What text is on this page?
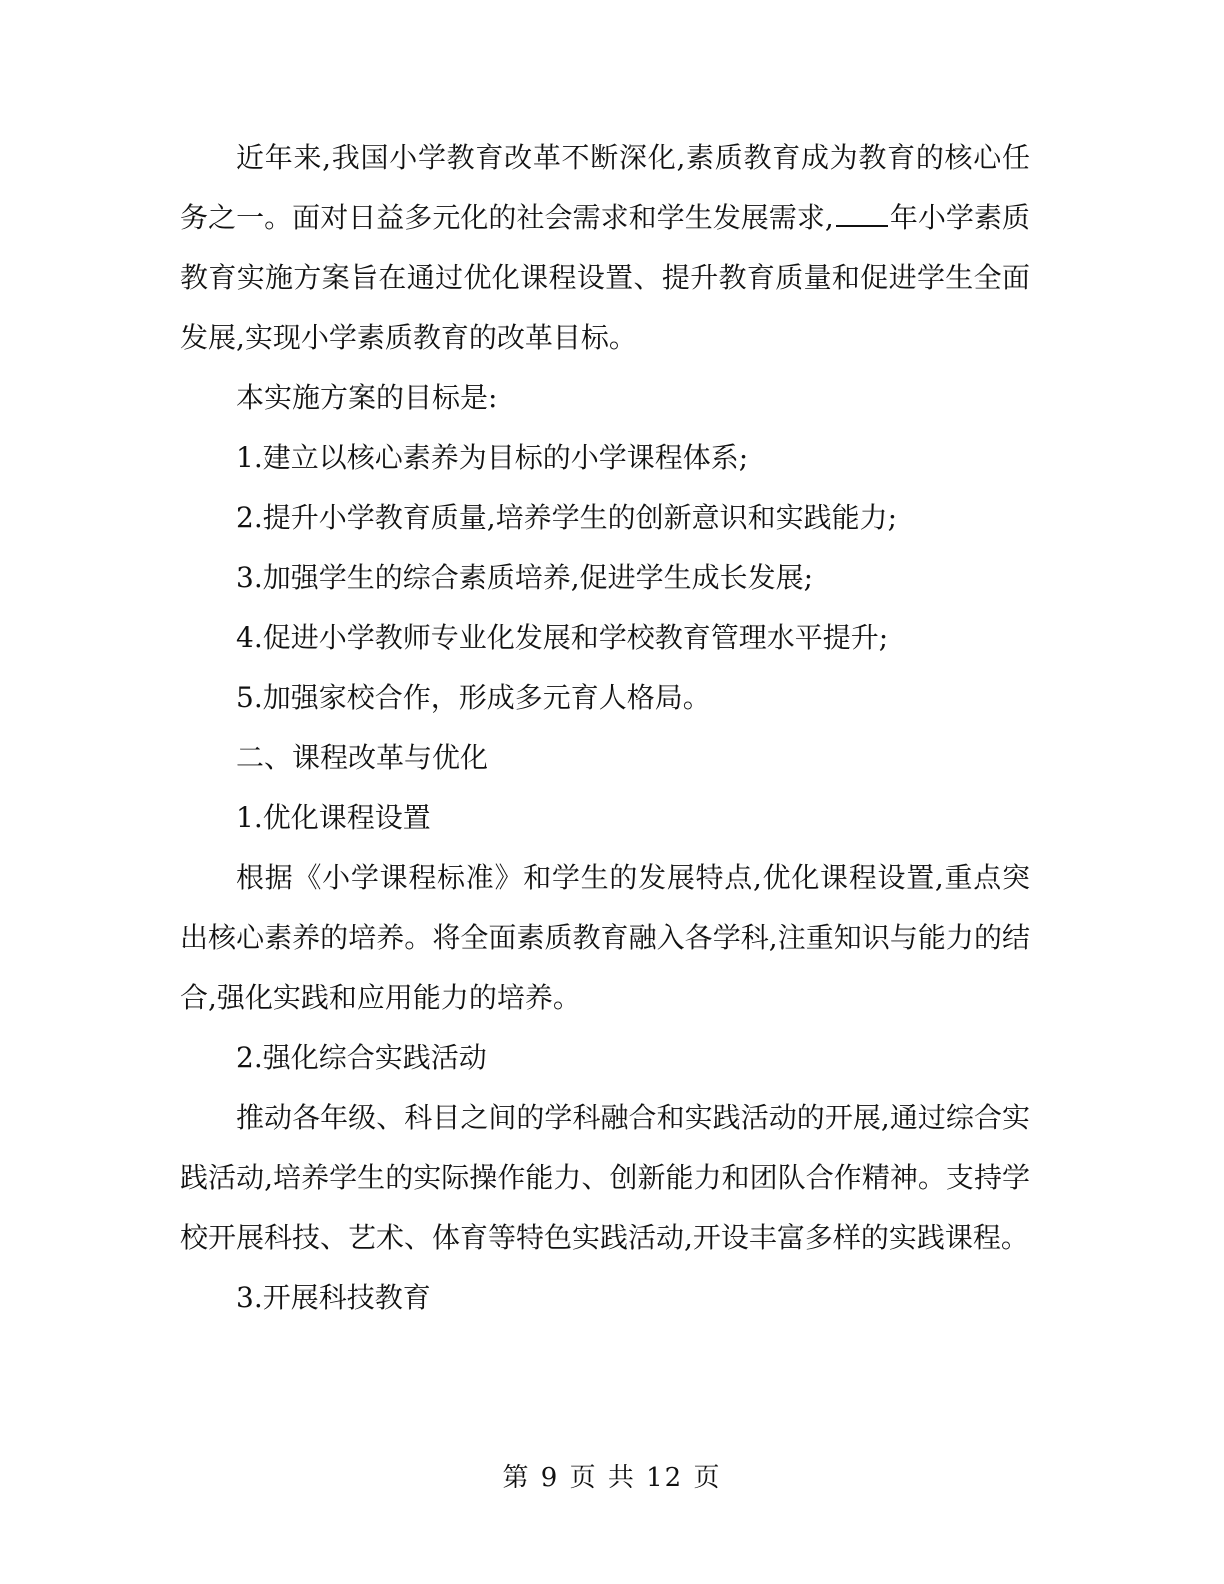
近年来,我国小学教育改革不断深化,素质教育成为教育的核心任务之一。面对日益多元化的社会需求和学生发展需求, 年小学素质教育实施方案旨在通过优化课程设置、提升教育质量和促进学生全面发展,实现小学素质教育的改革目标。

本实施方案的目标是:

1.建立以核心素养为目标的小学课程体系;

2.提升小学教育质量,培养学生的创新意识和实践能力;

3.加强学生的综合素质培养,促进学生成长发展;

4.促进小学教师专业化发展和学校教育管理水平提升;

5.加强家校合作，形成多元育人格局。

二、课程改革与优化

1.优化课程设置

根据《小学课程标准》和学生的发展特点,优化课程设置,重点突出核心素养的培养。将全面素质教育融入各学科,注重知识与能力的结合,强化实践和应用能力的培养。

2.强化综合实践活动

推动各年级、科目之间的学科融合和实践活动的开展,通过综合实践活动,培养学生的实际操作能力、创新能力和团队合作精神。支持学校开展科技、艺术、体育等特色实践活动,开设丰富多样的实践课程。

3.开展科技教育

第 9 页 共 12 页
